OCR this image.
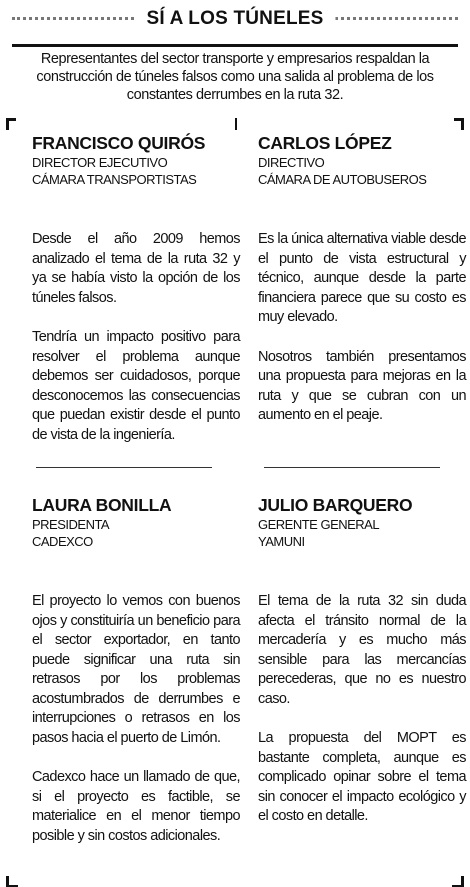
SÍ A LOS TÚNELES

Representantes del sector transporte y empresarios respaldan la construcción de túneles falsos como una salida al problema de los constantes derrumbes en la ruta 32.

FRANCISCO QUIRÓS
DIRECTOR EJECUTIVO
CÁMARA TRANSPORTISTAS

Desde el año 2009 hemos analizado el tema de la ruta 32 y ya se había visto la opción de los túneles falsos.

Tendría un impacto positivo para resolver el problema aunque debemos ser cuidadosos, porque desconocemos las consecuencias que puedan existir desde el punto de vista de la ingeniería.

CARLOS LÓPEZ
DIRECTIVO
CÁMARA DE AUTOBUSEROS

Es la única alternativa viable desde el punto de vista estructural y técnico, aunque desde la parte financiera parece que su costo es muy elevado.

Nosotros también presentamos una propuesta para mejoras en la ruta y que se cubran con un aumento en el peaje.

LAURA BONILLA
PRESIDENTA
CADEXCO

El proyecto lo vemos con buenos ojos y constituiría un beneficio para el sector exportador, en tanto puede significar una ruta sin retrasos por los problemas acostumbrados de derrumbes e interrupciones o retrasos en los pasos hacia el puerto de Limón.

Cadexco hace un llamado de que, si el proyecto es factible, se materialice en el menor tiempo posible y sin costos adicionales.

JULIO BARQUERO
GERENTE GENERAL
YAMUNI

El tema de la ruta 32 sin duda afecta el tránsito normal de la mercadería y es mucho más sensible para las mercancías perecederas, que no es nuestro caso.

La propuesta del MOPT es bastante completa, aunque es complicado opinar sobre el tema sin conocer el impacto ecológico y el costo en detalle.
